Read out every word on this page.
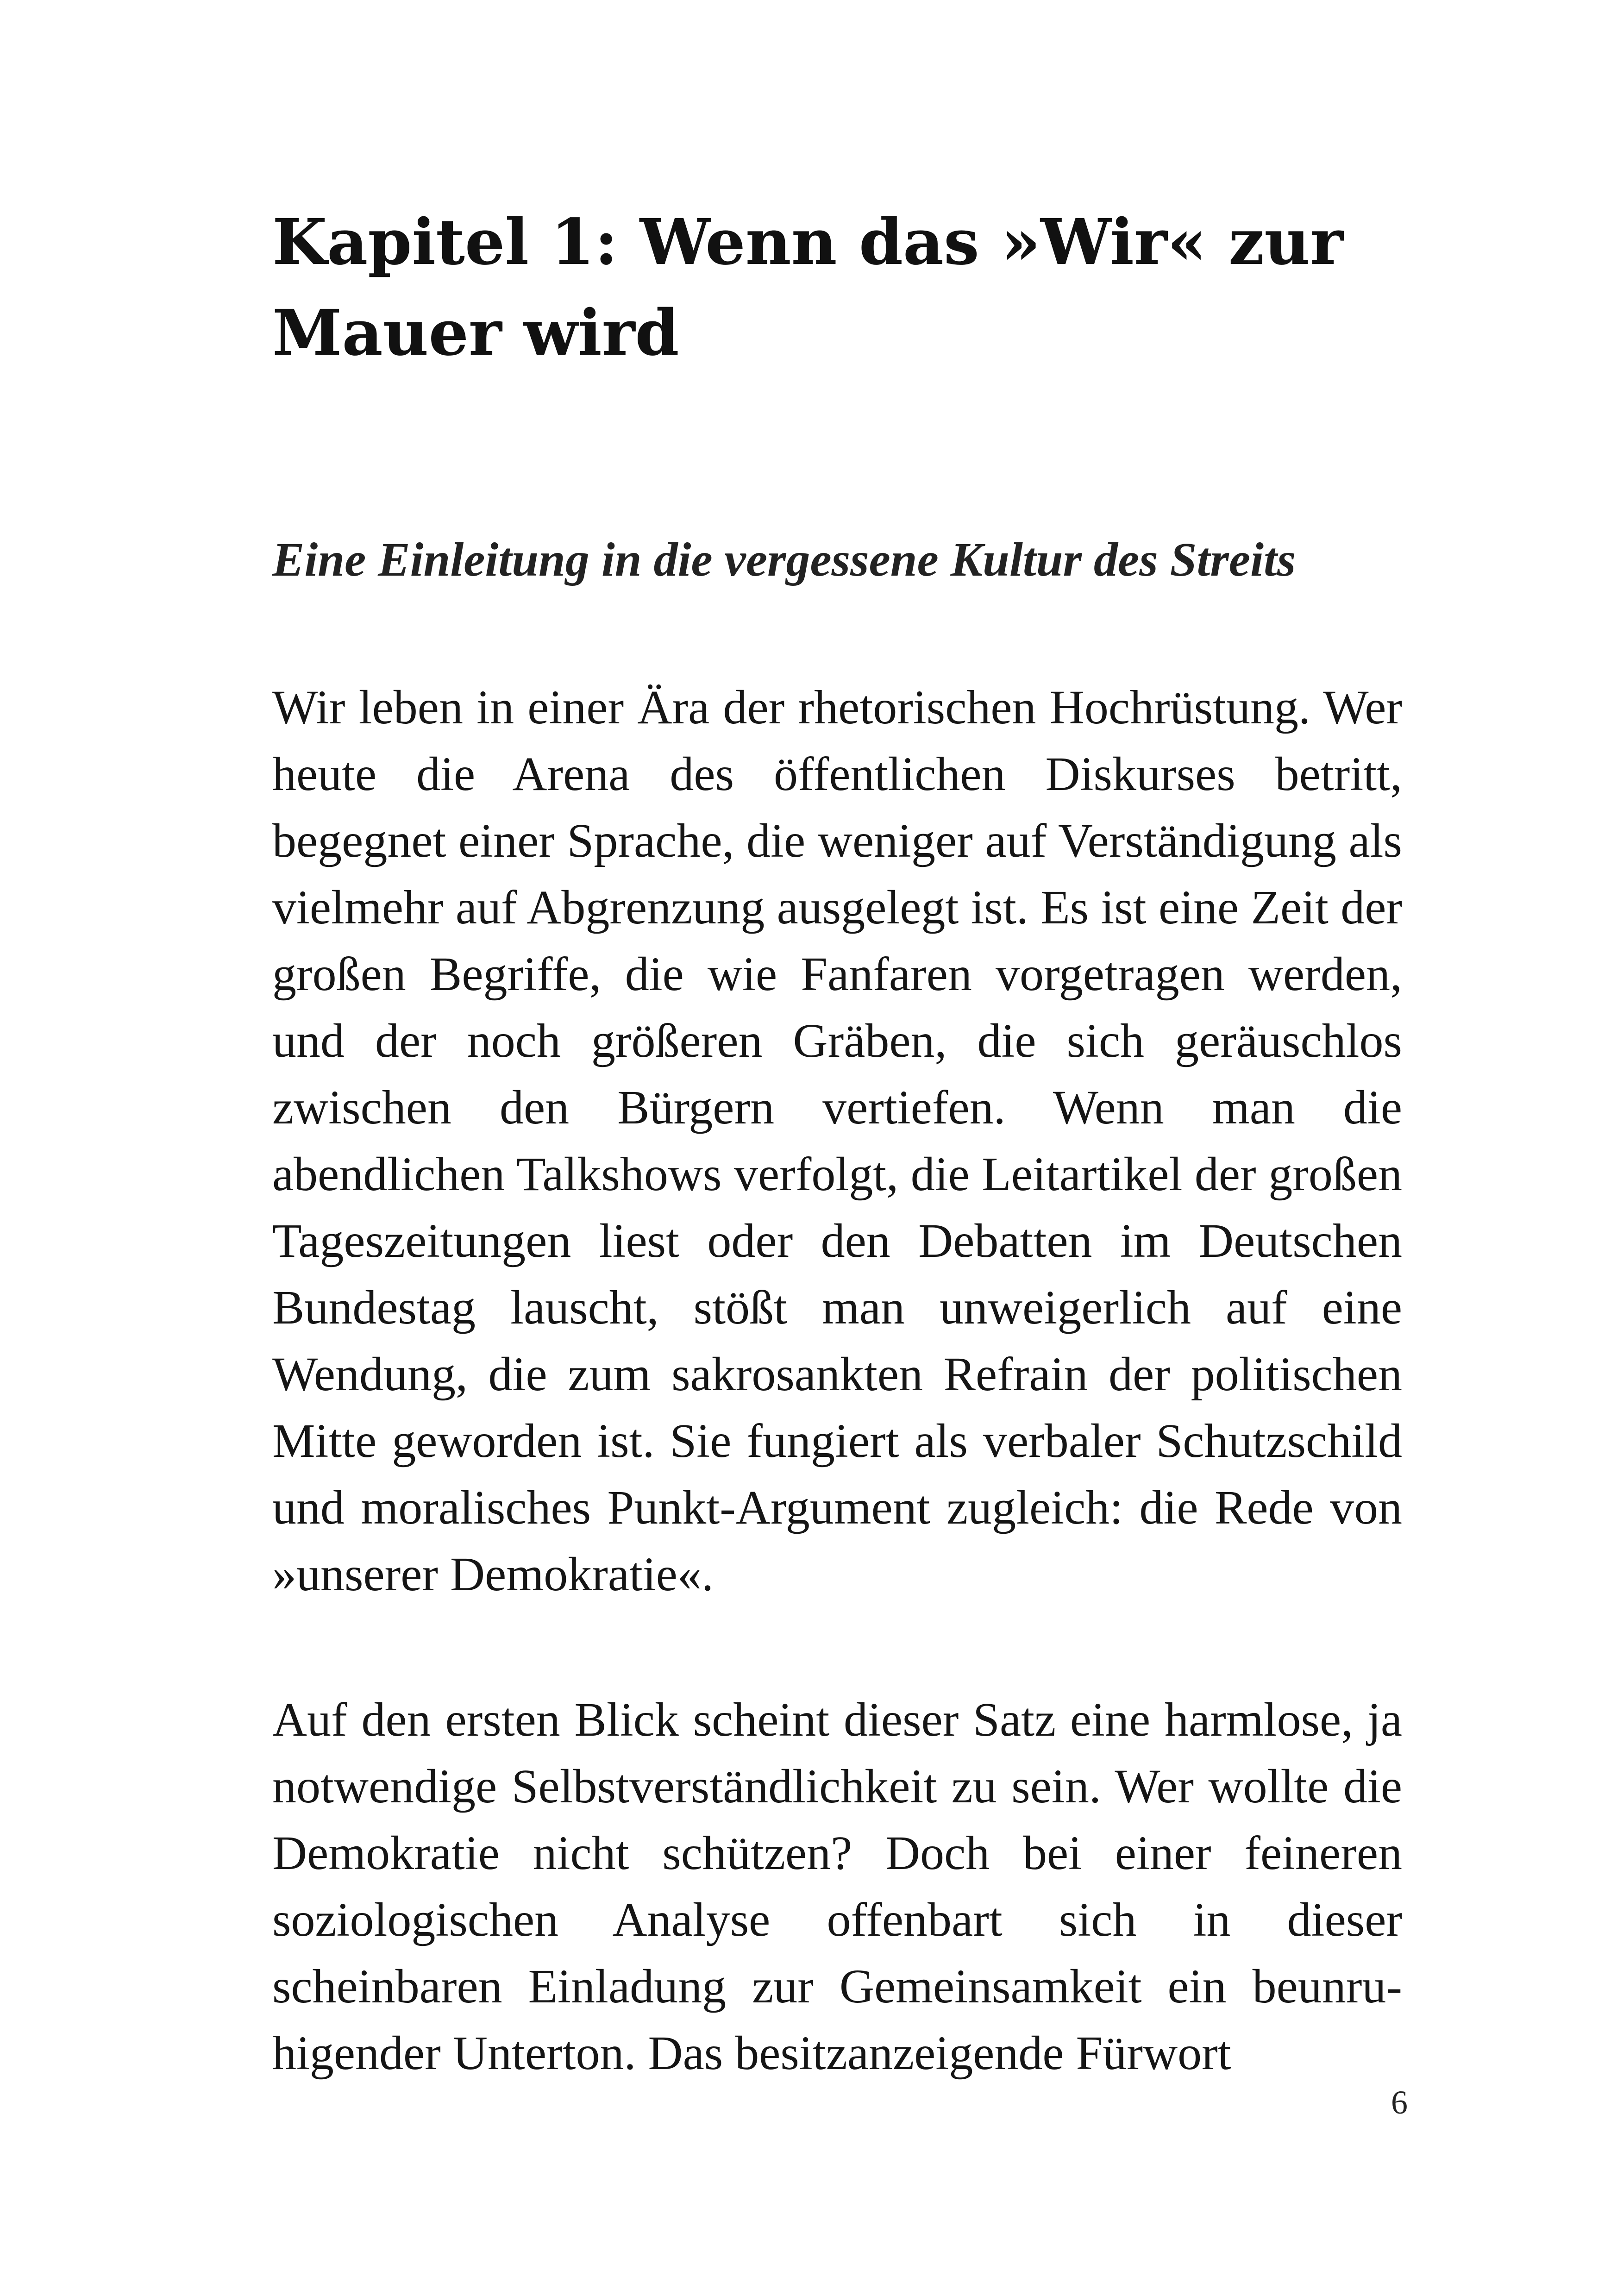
Kapitel 1: Wenn das »Wir« zur Mauer wird
Eine Einleitung in die vergessene Kultur des Streits

Wir leben in einer Ära der rhetorischen Hochrüstung. Wer heute die Arena des öffentlichen Diskurses betritt, begegnet einer Sprache, die weniger auf Verständigung als vielmehr auf Abgrenzung ausgelegt ist. Es ist eine Zeit der großen Begriffe, die wie Fanfaren vorgetragen werden, und der noch größeren Gräben, die sich geräuschlos zwischen den Bürgern vertiefen. Wenn man die abendlichen Talkshows verfolgt, die Leitartikel der großen Tageszeitungen liest oder den Debatten im Deutschen Bundestag lauscht, stößt man unweigerlich auf eine Wendung, die zum sakrosankten Refrain der politischen Mitte geworden ist. Sie fungiert als verbaler Schutzschild und moralisches Punkt-Argument zugleich: die Rede von »unserer Demokratie«.

Auf den ersten Blick scheint dieser Satz eine harmlose, ja notwendige Selbstverständlichkeit zu sein. Wer wollte die Demokratie nicht schützen? Doch bei einer feineren soziologischen Analyse offenbart sich in dieser scheinbaren Einladung zur Gemeinsamkeit ein beunruhigender Unterton. Das besitzanzeigende Fürwort

6
